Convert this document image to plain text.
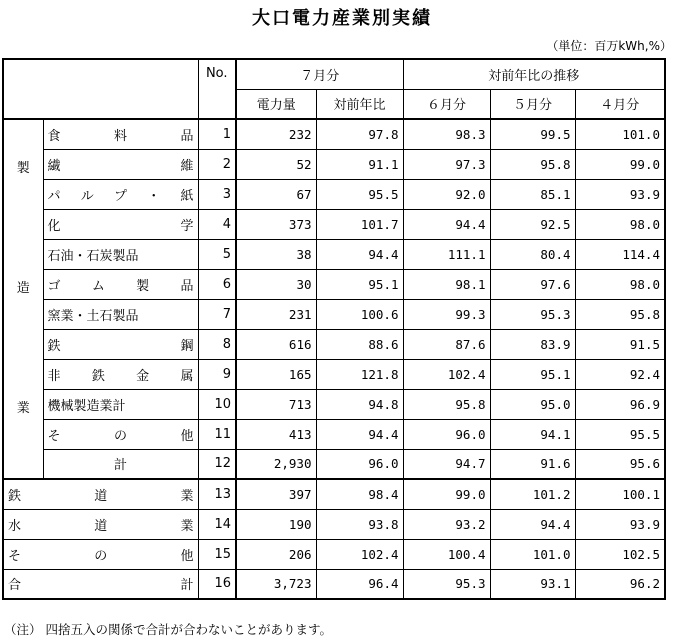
大口電力産業別実績
（単位：百万kWh,%）
		No.	７月分		対前年比の推移		
			電力量	対前年比	６月分	５月分	４月分

製
造
業	食 料 品	1	232	97.8	98.3	99.5	101.0

	繊 維	2	52	91.1	97.3	95.8	99.0

	パ ル プ ・ 紙	3	67	95.5	92.0	85.1	93.9

	化 学	4	373	101.7	94.4	92.5	98.0
	石油・石炭製品	5	38	94.4	111.1	80.4	114.4

	ゴ ム 製 品	6	30	95.1	98.1	97.6	98.0
	窯業・土石製品	7	231	100.6	99.3	95.3	95.8

	鉄 鋼	8	616	88.6	87.6	83.9	91.5

	非 鉄 金 属	9	165	121.8	102.4	95.1	92.4
	機械製造業計	10	713	94.8	95.8	95.0	96.9

	そ の 他	11	413	94.4	96.0	94.1	95.5
	計	12	2,930	96.0	94.7	91.6	95.6

鉄 道 業		13	397	98.4	99.0	101.2	100.1

水 道 業		14	190	93.8	93.2	94.4	93.9

そ の 他		15	206	102.4	100.4	101.0	102.5

合 計		16	3,723	96.4	95.3	93.1	96.2
（注） 四捨五入の関係で合計が合わないことがあります。
